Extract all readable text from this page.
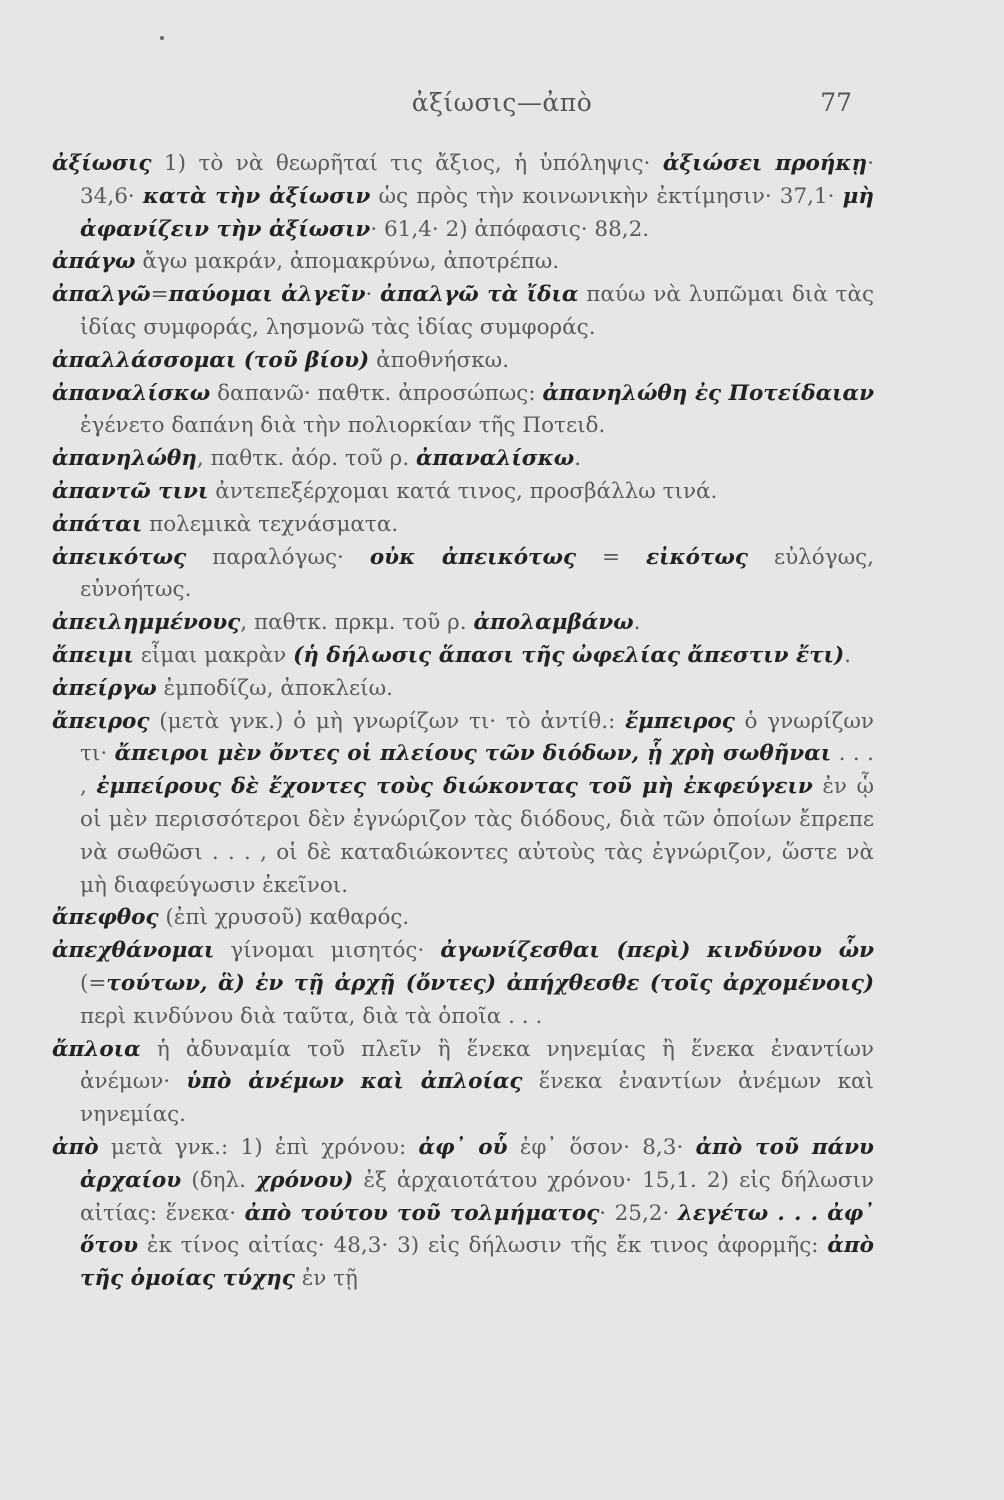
ἀξίωσις—ἀπὸ	77
ἀξίωσις 1) τὸ νὰ θεωρῆταί τις ἄξιος, ἡ ὑπόληψις· ἀξιώσει προήκῃ· 34,6· κατὰ τὴν ἀξίωσιν ὡς πρὸς τὴν κοινωνικὴν ἐκτίμησιν· 37,1· μὴ ἀφανίζειν τὴν ἀξίωσιν· 61,4· 2) ἀπόφασις· 88,2.
ἀπάγω ἄγω μακράν, ἀπομακρύνω, ἀποτρέπω.
ἀπαλγῶ=παύομαι ἀλγεῖν· ἀπαλγῶ τὰ ἴδια παύω νὰ λυπῶμαι διὰ τὰς ἰδίας συμφοράς, λησμονῶ τὰς ἰδίας συμφοράς.
ἀπαλλάσσομαι (τοῦ βίου) ἀποθνήσκω.
ἀπαναλίσκω δαπανῶ· παθτκ. ἀπροσώπως: ἀπανηλώθη ἐς Ποτείδαιαν ἐγένετο δαπάνη διὰ τὴν πολιορκίαν τῆς Ποτειδ.
ἀπανηλώθη, παθτκ. ἀόρ. τοῦ ρ. ἀπαναλίσκω.
ἀπαντῶ τινι ἀντεπεξέρχομαι κατά τινος, προσβάλλω τινά.
ἀπάται πολεμικὰ τεχνάσματα.
ἀπεικότως παραλόγως· οὐκ ἀπεικότως = εἰκότως εὐλόγως, εὐνοήτως.
ἀπειλημμένους, παθτκ. πρκμ. τοῦ ρ. ἀπολαμβάνω.
ἄπειμι εἶμαι μακρὰν (ἡ δήλωσις ἅπασι τῆς ὠφελίας ἄπεστιν ἔτι).
ἀπείργω ἐμποδίζω, ἀποκλείω.
ἄπειρος (μετὰ γνκ.) ὁ μὴ γνωρίζων τι· τὸ ἀντίθ.: ἔμπειρος ὁ γνωρίζων τι· ἄπειροι μὲν ὄντες οἱ πλείους τῶν διόδων, ᾗ χρὴ σωθῆναι . . . , ἐμπείρους δὲ ἔχοντες τοὺς διώκοντας τοῦ μὴ ἐκφεύγειν ἐν ᾧ οἱ μὲν περισσότεροι δὲν ἐγνώριζον τὰς διόδους, διὰ τῶν ὁποίων ἔπρεπε νὰ σωθῶσι . . . , οἱ δὲ καταδιώκοντες αὐτοὺς τὰς ἐγνώριζον, ὥστε νὰ μὴ διαφεύγωσιν ἐκεῖνοι.
ἄπεφθος (ἐπὶ χρυσοῦ) καθαρός.
ἀπεχθάνομαι γίνομαι μισητός· ἀγωνίζεσθαι (περὶ) κινδύνου ὧν (=τούτων, ἃ) ἐν τῇ ἀρχῇ (ὄντες) ἀπήχθεσθε (τοῖς ἀρχομένοις) περὶ κινδύνου διὰ ταῦτα, διὰ τὰ ὁποῖα . . .
ἄπλοια ἡ ἀδυναμία τοῦ πλεῖν ἢ ἕνεκα νηνεμίας ἢ ἕνεκα ἐναντίων ἀνέμων· ὑπὸ ἀνέμων καὶ ἀπλοίας ἕνεκα ἐναντίων ἀνέμων καὶ νηνεμίας.
ἀπὸ μετὰ γνκ.: 1) ἐπὶ χρόνου: ἀφ᾽ οὗ ἐφ᾽ ὅσον· 8,3· ἀπὸ τοῦ πάνυ ἀρχαίου (δηλ. χρόνου) ἐξ ἀρχαιοτάτου χρόνου· 15,1. 2) εἰς δήλωσιν αἰτίας: ἕνεκα· ἀπὸ τούτου τοῦ τολμήματος· 25,2· λεγέτω . . . ἀφ᾽ ὅτου ἐκ τίνος αἰτίας· 48,3· 3) εἰς δήλωσιν τῆς ἔκ τινος ἀφορμῆς: ἀπὸ τῆς ὁμοίας τύχης ἐν τῇ
